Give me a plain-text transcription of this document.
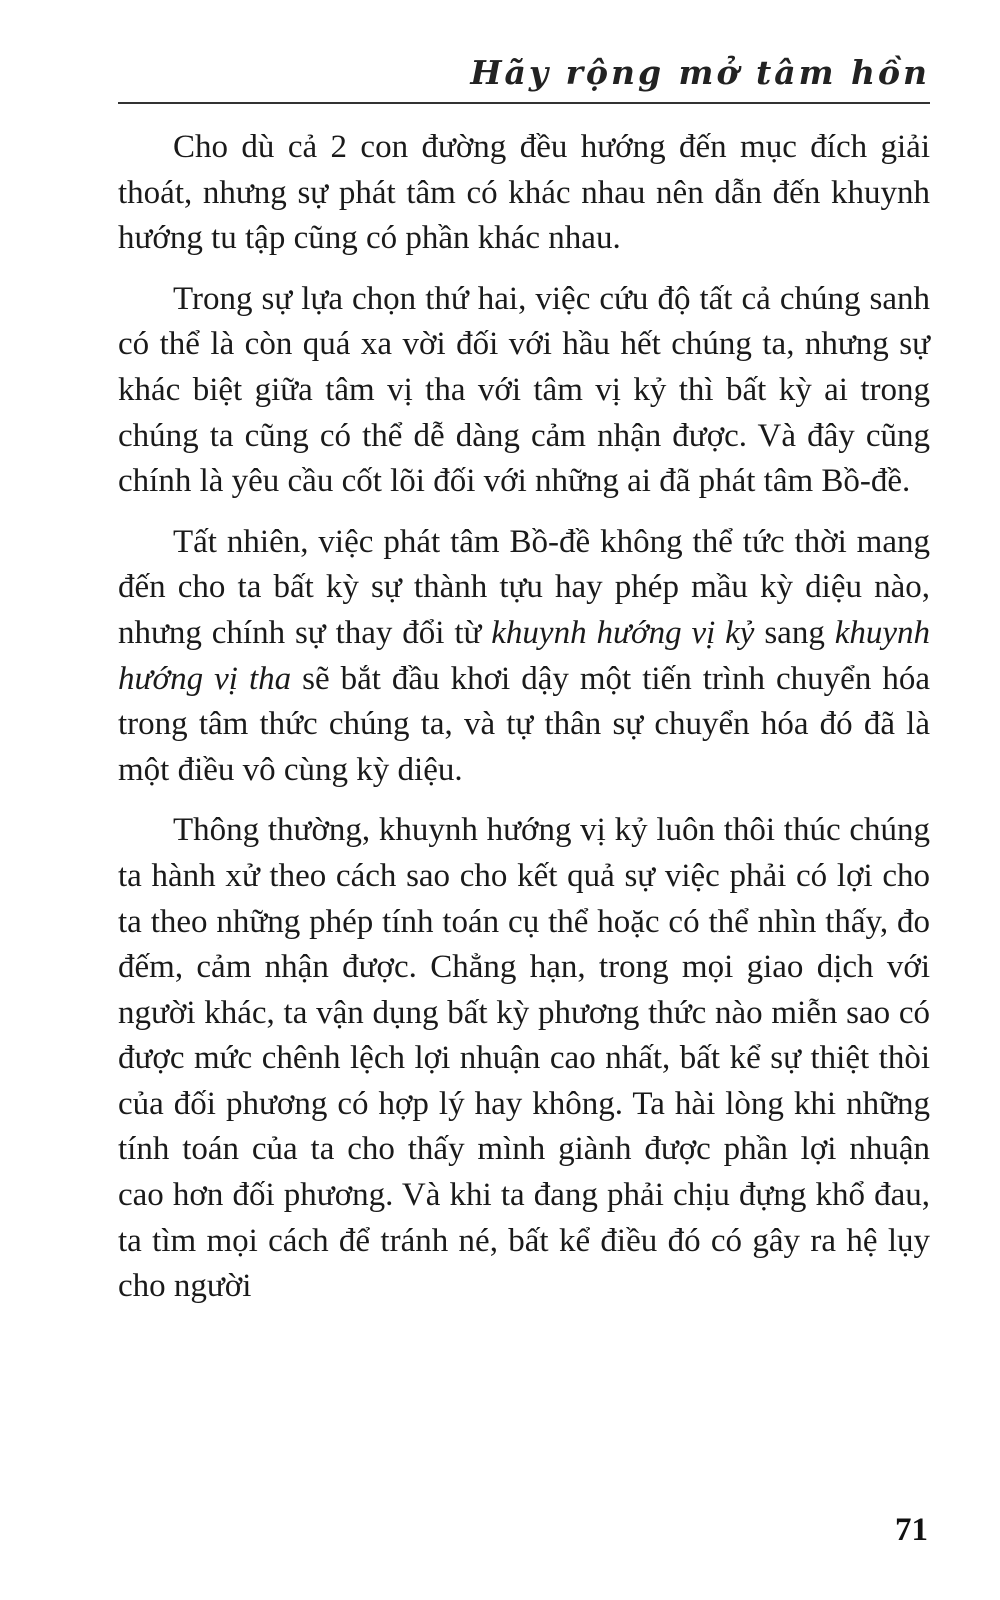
Hãy rộng mở tâm hồn

Cho dù cả 2 con đường đều hướng đến mục đích giải thoát, nhưng sự phát tâm có khác nhau nên dẫn đến khuynh hướng tu tập cũng có phần khác nhau.

Trong sự lựa chọn thứ hai, việc cứu độ tất cả chúng sanh có thể là còn quá xa vời đối với hầu hết chúng ta, nhưng sự khác biệt giữa tâm vị tha với tâm vị kỷ thì bất kỳ ai trong chúng ta cũng có thể dễ dàng cảm nhận được. Và đây cũng chính là yêu cầu cốt lõi đối với những ai đã phát tâm Bồ-đề.

Tất nhiên, việc phát tâm Bồ-đề không thể tức thời mang đến cho ta bất kỳ sự thành tựu hay phép mầu kỳ diệu nào, nhưng chính sự thay đổi từ khuynh hướng vị kỷ sang khuynh hướng vị tha sẽ bắt đầu khơi dậy một tiến trình chuyển hóa trong tâm thức chúng ta, và tự thân sự chuyển hóa đó đã là một điều vô cùng kỳ diệu.

Thông thường, khuynh hướng vị kỷ luôn thôi thúc chúng ta hành xử theo cách sao cho kết quả sự việc phải có lợi cho ta theo những phép tính toán cụ thể hoặc có thể nhìn thấy, đo đếm, cảm nhận được. Chẳng hạn, trong mọi giao dịch với người khác, ta vận dụng bất kỳ phương thức nào miễn sao có được mức chênh lệch lợi nhuận cao nhất, bất kể sự thiệt thòi của đối phương có hợp lý hay không. Ta hài lòng khi những tính toán của ta cho thấy mình giành được phần lợi nhuận cao hơn đối phương. Và khi ta đang phải chịu đựng khổ đau, ta tìm mọi cách để tránh né, bất kể điều đó có gây ra hệ lụy cho người

71
